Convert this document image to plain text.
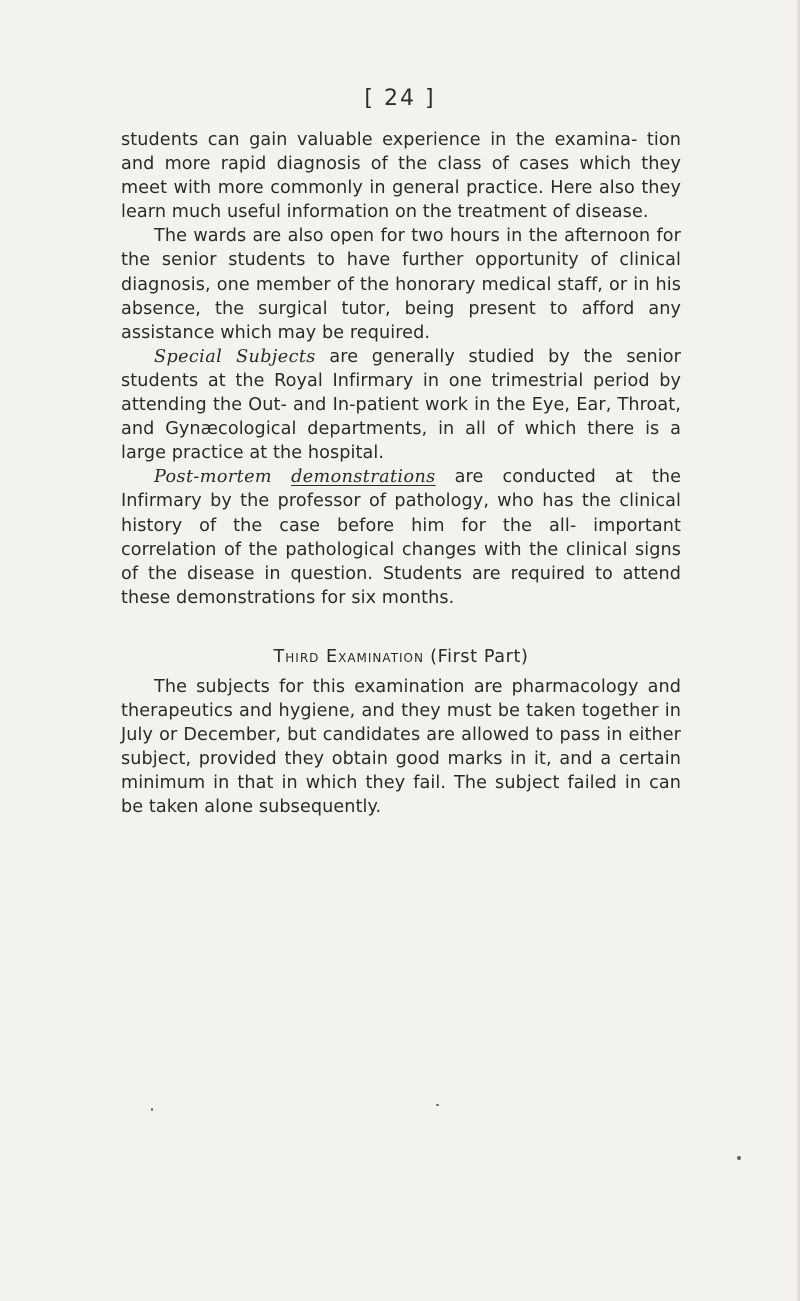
[ 24 ]

students can gain valuable experience in the examina- tion and more rapid diagnosis of the class of cases which they meet with more commonly in general practice. Here also they learn much useful information on the treatment of disease.

The wards are also open for two hours in the afternoon for the senior students to have further opportunity of clinical diagnosis, one member of the honorary medical staff, or in his absence, the surgical tutor, being present to afford any assistance which may be required.

Special Subjects are generally studied by the senior students at the Royal Infirmary in one trimestrial period by attending the Out- and In-patient work in the Eye, Ear, Throat, and Gynæcological departments, in all of which there is a large practice at the hospital.

Post-mortem demonstrations are conducted at the Infirmary by the professor of pathology, who has the clinical history of the case before him for the all- important correlation of the pathological changes with the clinical signs of the disease in question. Students are required to attend these demonstrations for six months.

Third Examination (First Part)

The subjects for this examination are pharmacology and therapeutics and hygiene, and they must be taken together in July or December, but candidates are allowed to pass in either subject, provided they obtain good marks in it, and a certain minimum in that in which they fail. The subject failed in can be taken alone subsequently.
